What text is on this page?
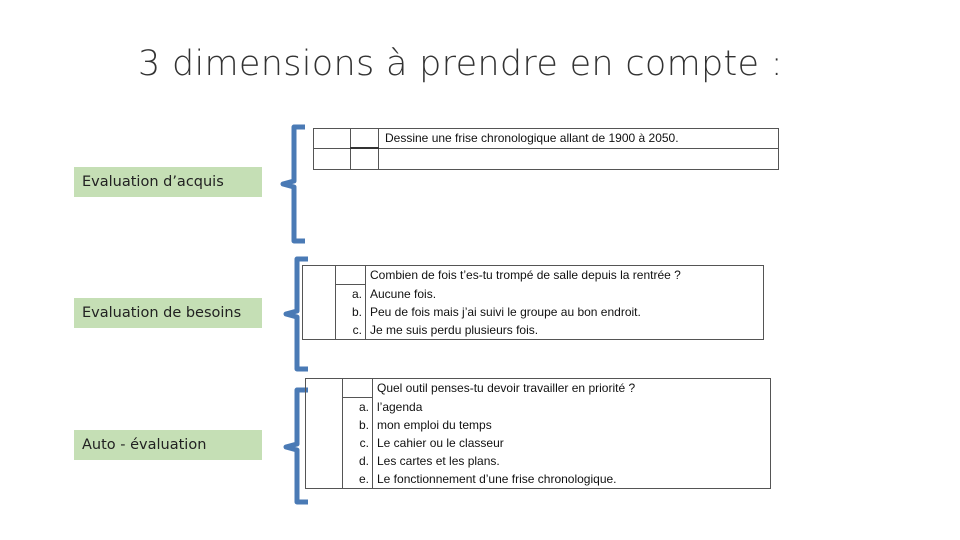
3 dimensions à prendre en compte :
Evaluation d’acquis
Evaluation de besoins
Auto - évaluation
		Dessine une frise chronologique allant de 1900 à 2050.

		Combien de fois t’es-tu trompé de salle depuis la rentrée ?
	a.	Aucune fois.
	b.	Peu de fois mais j’ai suivi le groupe au bon endroit.
	c.	Je me suis perdu plusieurs fois.
		Quel outil penses-tu devoir travailler en priorité ?
	a.	l’agenda
	b.	mon emploi du temps
	c.	Le cahier ou le classeur
	d.	Les cartes et les plans.
	e.	Le fonctionnement d’une frise chronologique.
